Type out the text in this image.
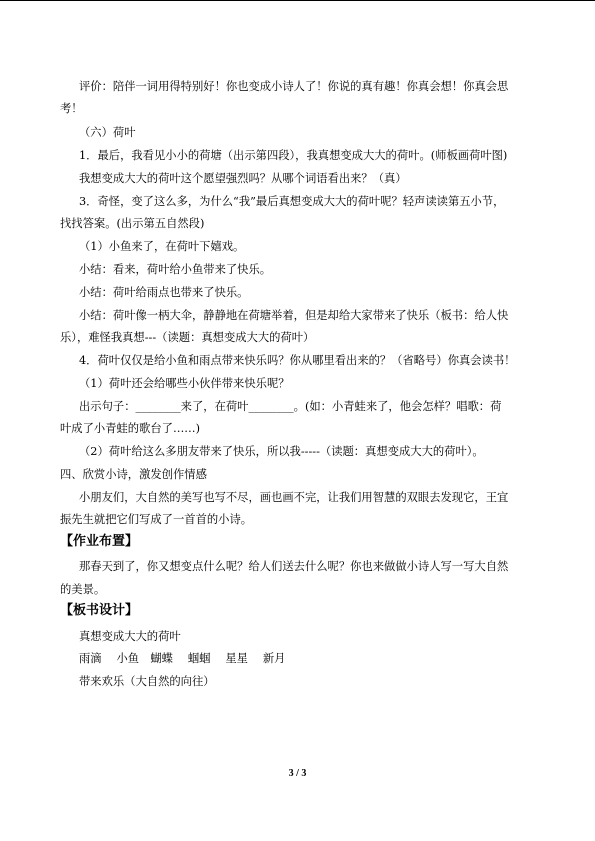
评价：陪伴一词用得特别好！你也变成小诗人了！你说的真有趣！你真会想！你真会思
考！
（六）荷叶
1．最后，我看见小小的荷塘（出示第四段），我真想变成大大的荷叶。(师板画荷叶图)
我想变成大大的荷叶这个愿望强烈吗？从哪个词语看出来？（真）
3．奇怪，变了这么多，为什么“我”最后真想变成大大的荷叶呢？轻声读读第五小节，
找找答案。(出示第五自然段)
（1）小鱼来了，在荷叶下嬉戏。
小结：看来，荷叶给小鱼带来了快乐。
小结：荷叶给雨点也带来了快乐。
小结：荷叶像一柄大伞，静静地在荷塘举着，但是却给大家带来了快乐（板书：给人快
乐），难怪我真想---（读题：真想变成大大的荷叶）
4．荷叶仅仅是给小鱼和雨点带来快乐吗？你从哪里看出来的？（省略号）你真会读书！
（1）荷叶还会给哪些小伙伴带来快乐呢？
出示句子：________来了，在荷叶________。(如：小青蛙来了，他会怎样？唱歌：荷
叶成了小青蛙的歌台了……)
（2）荷叶给这么多朋友带来了快乐，所以我-----（读题：真想变成大大的荷叶）。
四、欣赏小诗，激发创作情感
小朋友们，大自然的美写也写不尽，画也画不完，让我们用智慧的双眼去发现它，王宜
振先生就把它们写成了一首首的小诗。
【作业布置】
那春天到了，你又想变点什么呢？给人们送去什么呢？你也来做做小诗人写一写大自然
的美景。
【板书设计】
真想变成大大的荷叶
雨滴　 小鱼　蝴蝶　 蝈蝈　 星星　 新月
带来欢乐（大自然的向往）
3 / 3
